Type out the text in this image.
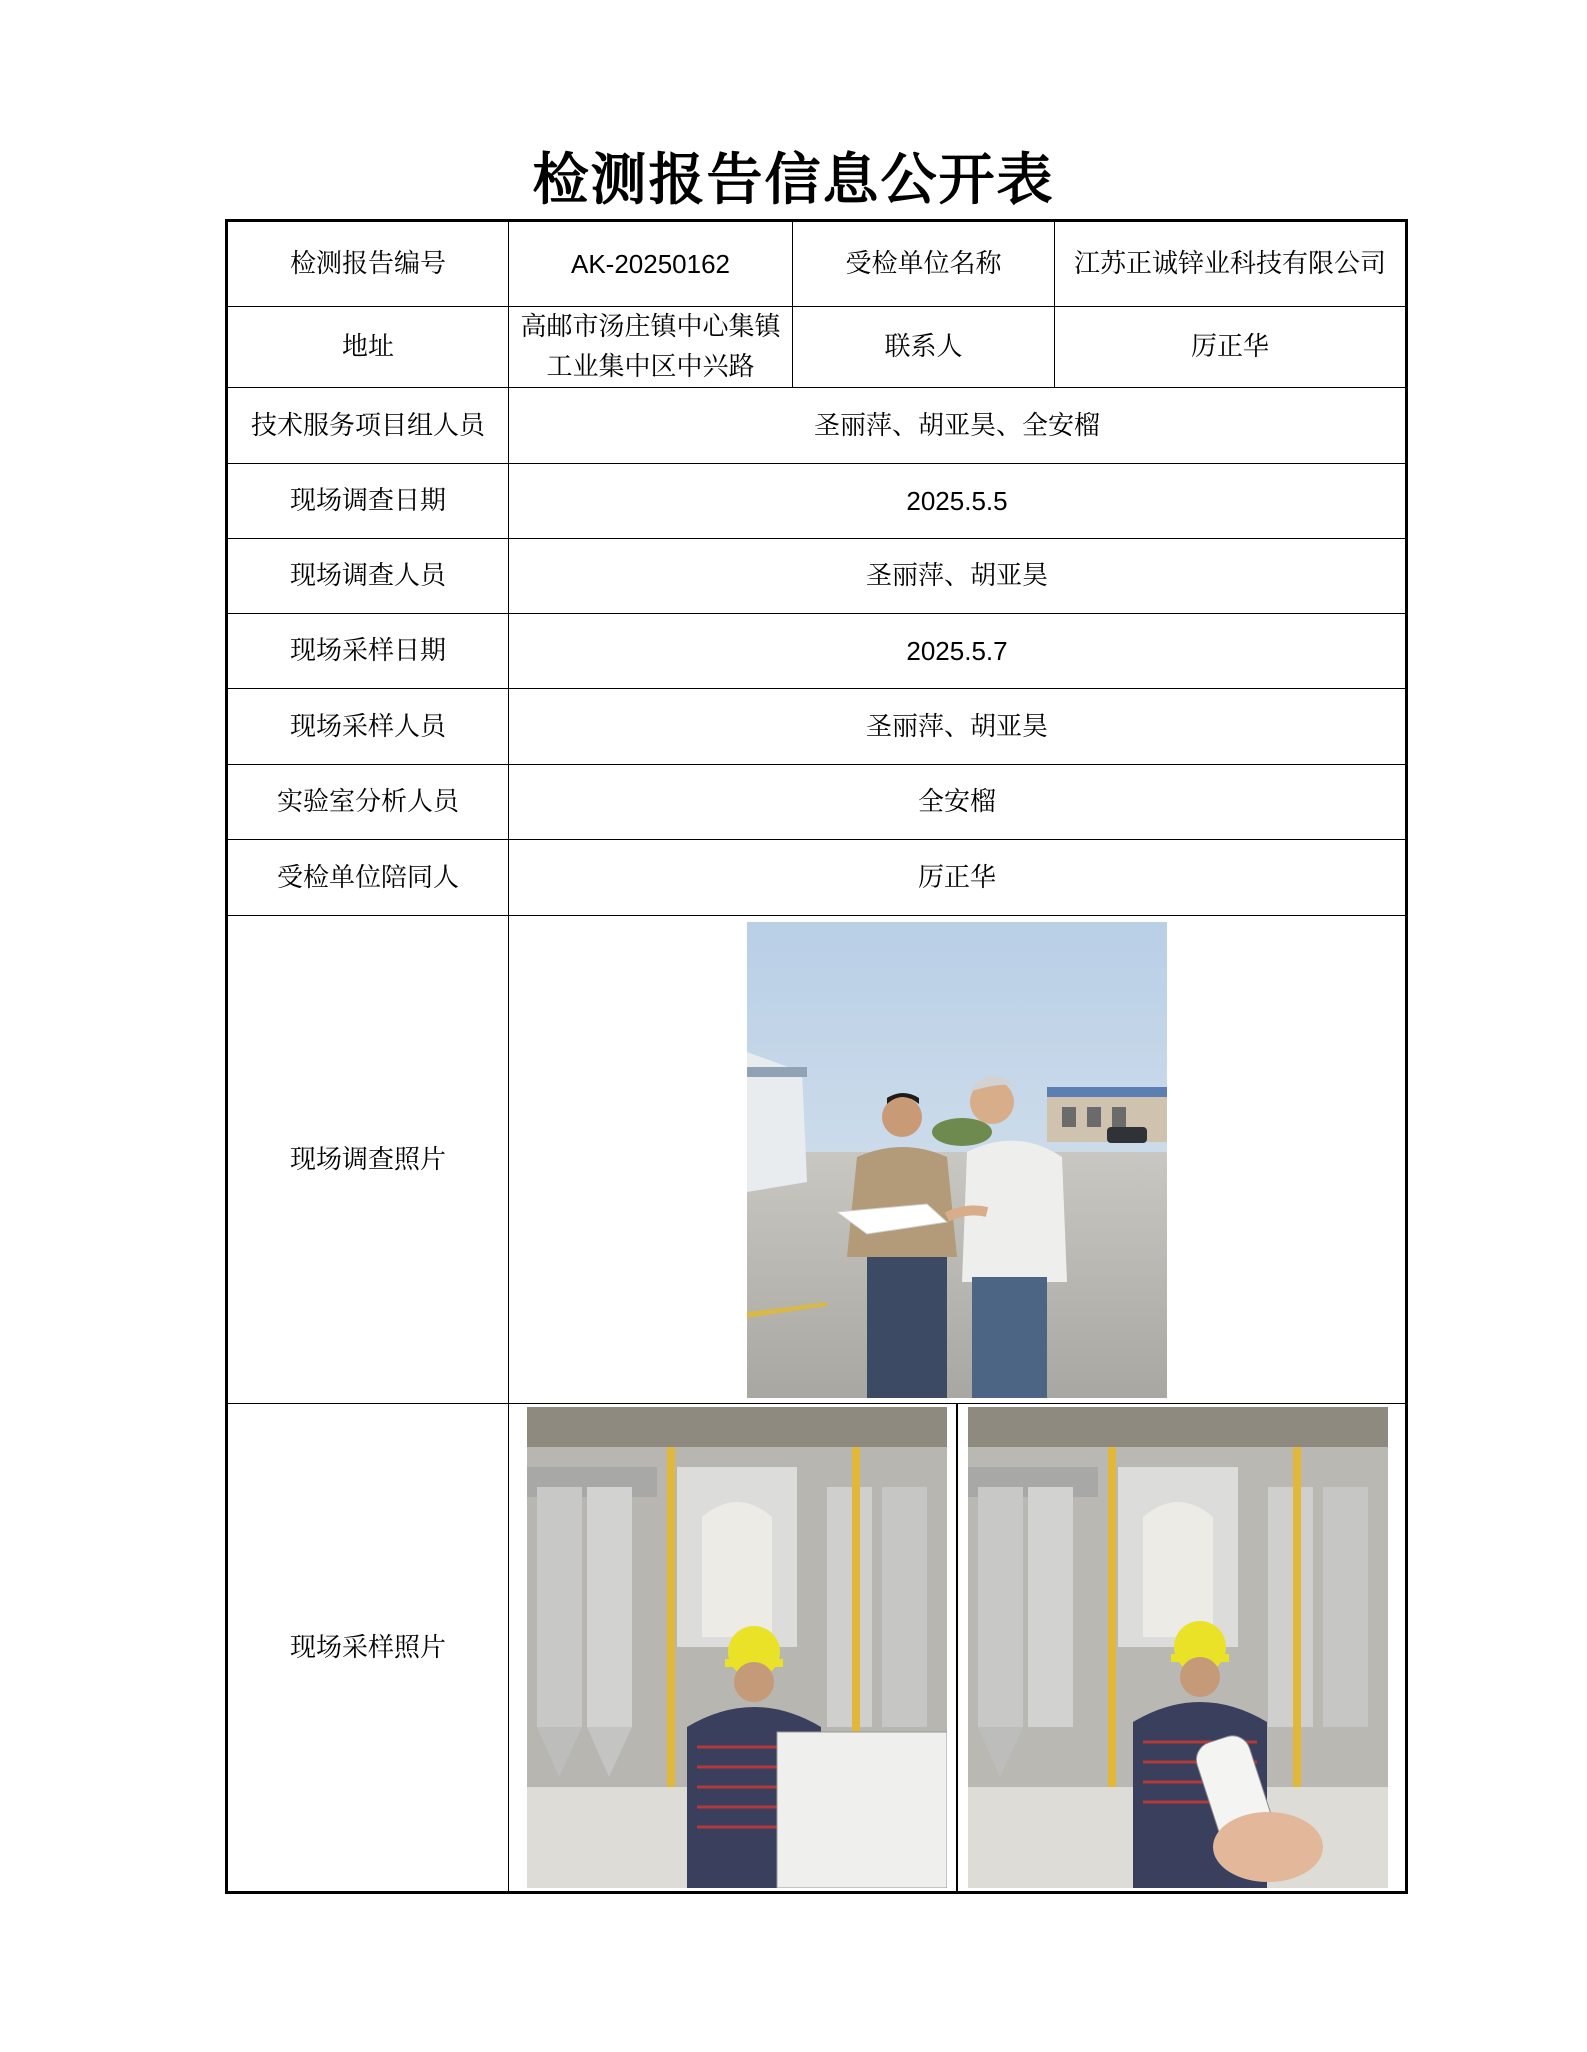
检测报告信息公开表
检测报告编号	AK-20250162	受检单位名称	江苏正诚锌业科技有限公司
地址	高邮市汤庄镇中心集镇工业集中区中兴路	联系人	厉正华
技术服务项目组人员	圣丽萍、胡亚昊、全安榴		
现场调查日期	2025.5.5		
现场调查人员	圣丽萍、胡亚昊		
现场采样日期	2025.5.7		
现场采样人员	圣丽萍、胡亚昊		
实验室分析人员	全安榴		
受检单位陪同人	厉正华		
现场调查照片	

现场采样照片	
